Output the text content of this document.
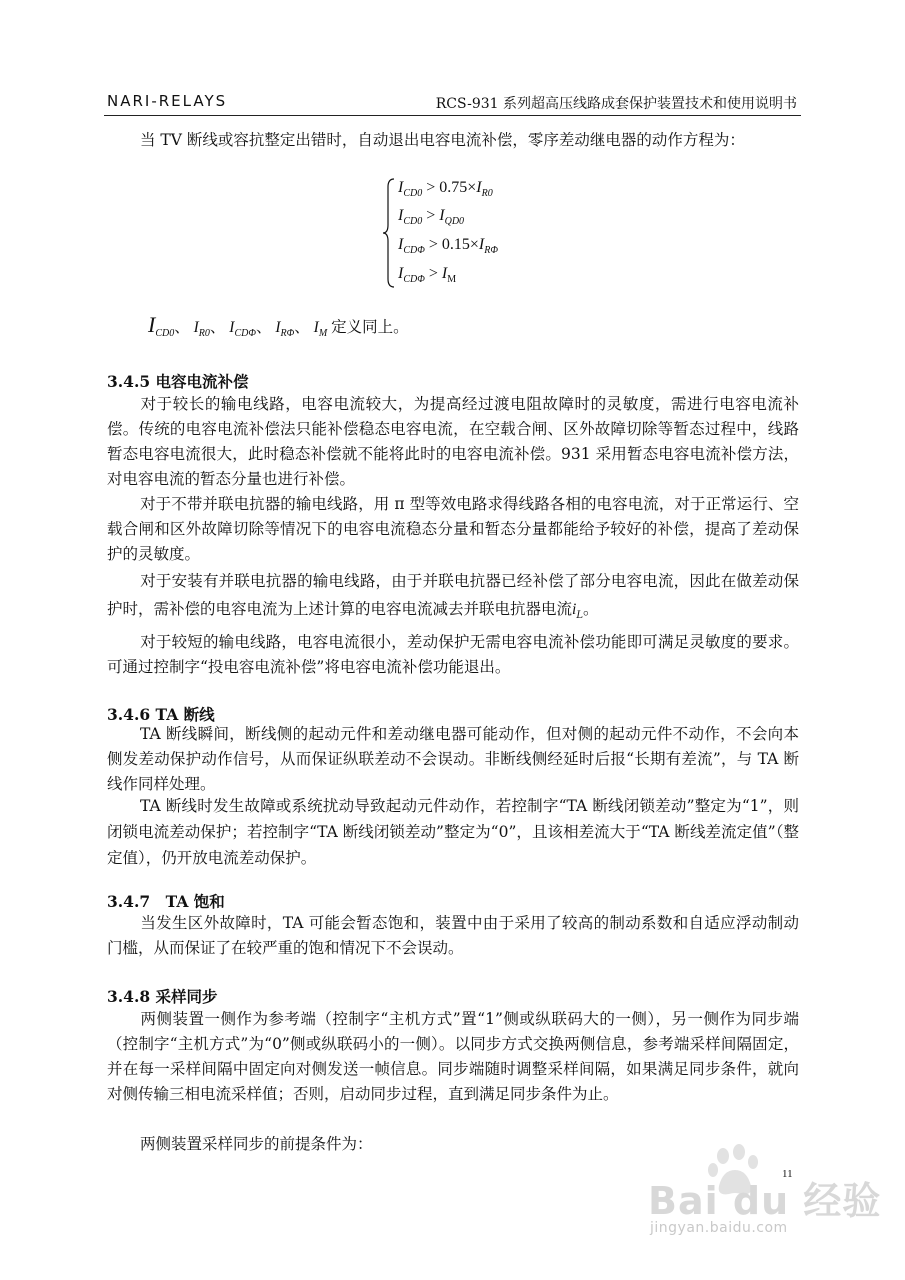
NARI-RELAYS	RCS-931 系列超高压线路成套保护装置技术和使用说明书
当 TV 断线或容抗整定出错时，自动退出电容电流补偿，零序差动继电器的动作方程为：
$I_{CD0} > 0.75\times I_{R0}$
$I_{CD0} > I_{QD0}$
$I_{CD\Phi} > 0.15\times I_{R\Phi}$
$I_{CD\Phi} > I_M$
$I_{CD0}$、 $I_{R0}$、 $I_{CD\Phi}$、 $I_{R\Phi}$、 $I_M$ 定义同上。
3.4.5 电容电流补偿
对于较长的输电线路，电容电流较大，为提高经过渡电阻故障时的灵敏度，需进行电容电流补偿。传统的电容电流补偿法只能补偿稳态电容电流，在空载合闸、区外故障切除等暂态过程中，线路暂态电容电流很大，此时稳态补偿就不能将此时的电容电流补偿。931 采用暂态电容电流补偿方法，对电容电流的暂态分量也进行补偿。
对于不带并联电抗器的输电线路，用 π 型等效电路求得线路各相的电容电流，对于正常运行、空载合闸和区外故障切除等情况下的电容电流稳态分量和暂态分量都能给予较好的补偿，提高了差动保护的灵敏度。
对于安装有并联电抗器的输电线路，由于并联电抗器已经补偿了部分电容电流，因此在做差动保护时，需补偿的电容电流为上述计算的电容电流减去并联电抗器电流$i_L$。
对于较短的输电线路，电容电流很小，差动保护无需电容电流补偿功能即可满足灵敏度的要求。可通过控制字“投电容电流补偿”将电容电流补偿功能退出。
3.4.6 TA 断线
TA 断线瞬间，断线侧的起动元件和差动继电器可能动作，但对侧的起动元件不动作，不会向本侧发差动保护动作信号，从而保证纵联差动不会误动。非断线侧经延时后报“长期有差流”，与 TA 断线作同样处理。
TA 断线时发生故障或系统扰动导致起动元件动作，若控制字“TA 断线闭锁差动”整定为“1”，则闭锁电流差动保护；若控制字“TA 断线闭锁差动”整定为“0”，且该相差流大于“TA 断线差流定值”（整定值），仍开放电流差动保护。
3.4.7　TA 饱和
当发生区外故障时，TA 可能会暂态饱和，装置中由于采用了较高的制动系数和自适应浮动制动门槛，从而保证了在较严重的饱和情况下不会误动。
3.4.8 采样同步
两侧装置一侧作为参考端（控制字“主机方式”置“1”侧或纵联码大的一侧），另一侧作为同步端（控制字“主机方式”为“0”侧或纵联码小的一侧）。以同步方式交换两侧信息，参考端采样间隔固定，并在每一采样间隔中固定向对侧发送一帧信息。同步端随时调整采样间隔，如果满足同步条件，就向对侧传输三相电流采样值；否则，启动同步过程，直到满足同步条件为止。
两侧装置采样同步的前提条件为：
11
Bai du 经验
jingyan.baidu.com
